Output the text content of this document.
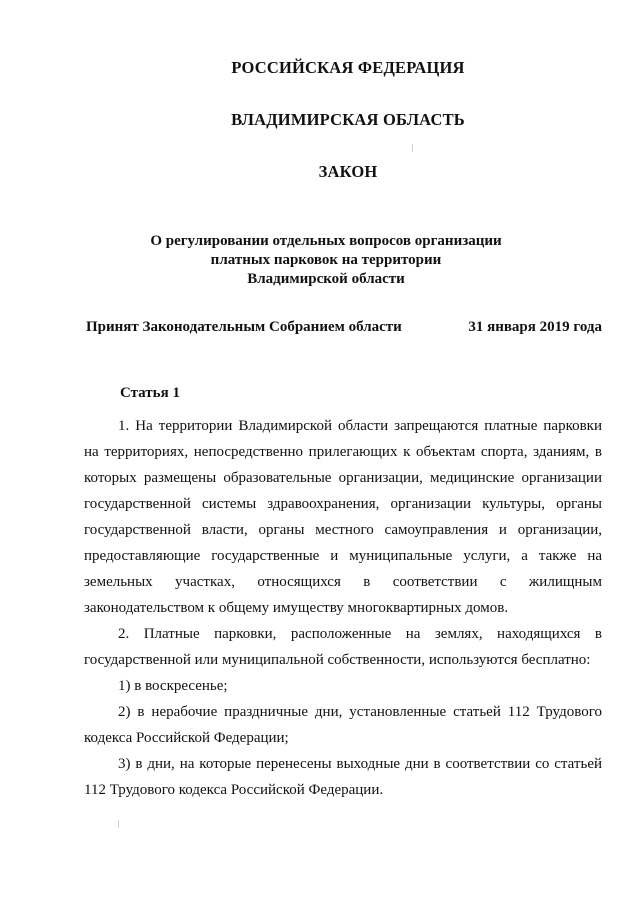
РОССИЙСКАЯ ФЕДЕРАЦИЯ
ВЛАДИМИРСКАЯ ОБЛАСТЬ
ЗАКОН
О регулировании отдельных вопросов организации
платных парковок на территории
Владимирской области
Принят Законодательным Собранием области	31 января 2019 года
Статья 1

1. На территории Владимирской области запрещаются платные парковки на территориях, непосредственно прилегающих к объектам спорта, зданиям, в которых размещены образовательные организации, медицинские организации государственной системы здравоохранения, организации культуры, органы государственной власти, органы местного самоуправления и организации, предоставляющие государственные и муниципальные услуги, а также на земельных участках, относящихся в соответствии с жилищным законодательством к общему имуществу многоквартирных домов.

2. Платные парковки, расположенные на землях, находящихся в государственной или муниципальной собственности, используются бесплатно:

1) в воскресенье;

2) в нерабочие праздничные дни, установленные статьей 112 Трудового кодекса Российской Федерации;

3) в дни, на которые перенесены выходные дни в соответствии со статьей 112 Трудового кодекса Российской Федерации.
